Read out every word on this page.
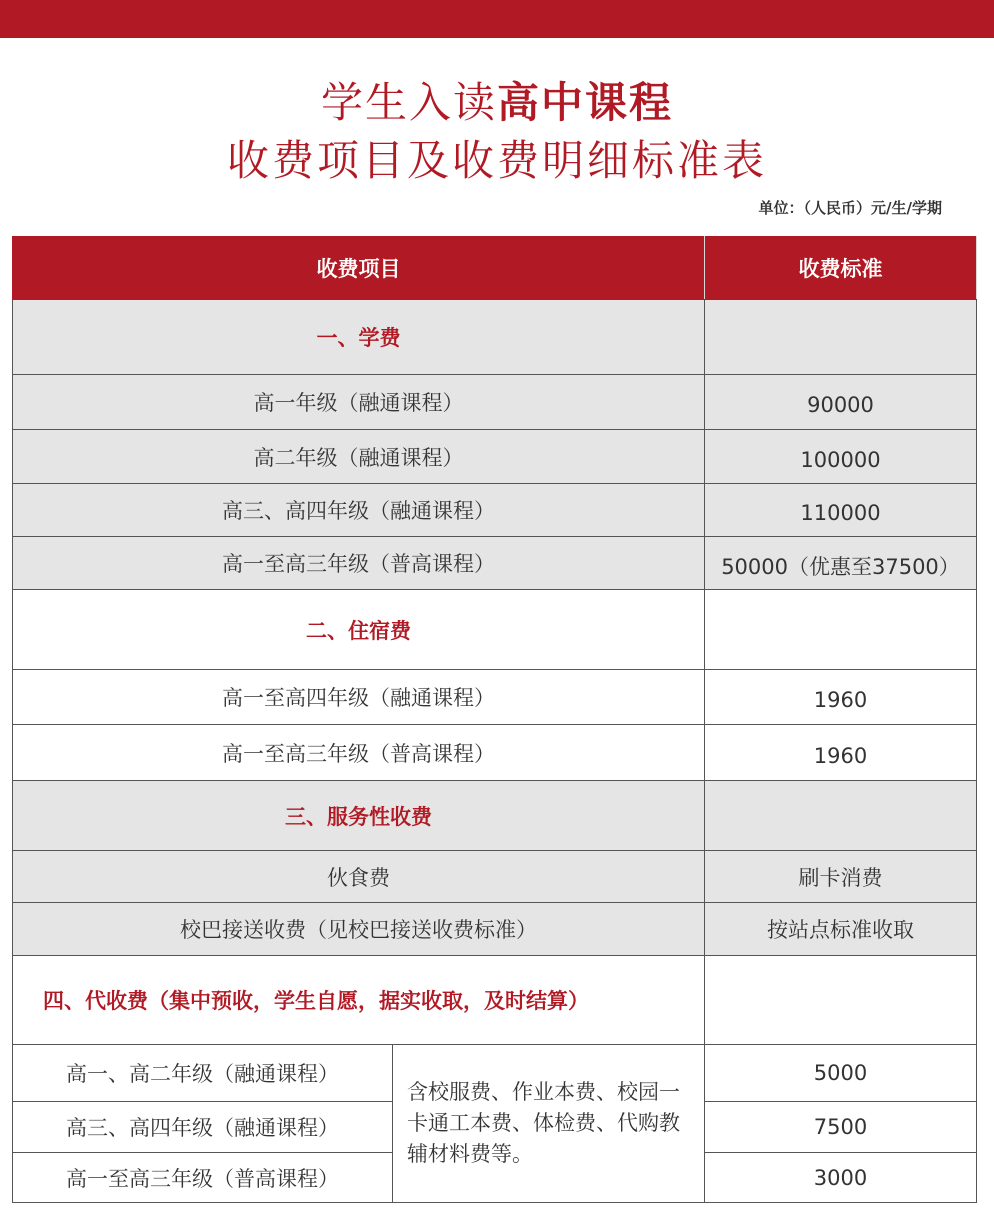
学生入读高中课程
收费项目及收费明细标准表
单位：（人民币）元/生/学期
收费项目		收费标准
一、学费		
高一年级（融通课程）		90000
高二年级（融通课程）		100000
高三、高四年级（融通课程）		110000
高一至高三年级（普高课程）		50000（优惠至37500）
二、住宿费		
高一至高四年级（融通课程）		1960
高一至高三年级（普高课程）		1960
三、服务性收费		
伙食费		刷卡消费
校巴接送收费（见校巴接送收费标准）		按站点标准收取
四、代收费（集中预收，学生自愿，据实收取，及时结算）		
高一、高二年级（融通课程）	含校服费、作业本费、校园一卡通工本费、体检费、代购教辅材料费等。	5000
高三、高四年级（融通课程）		7500
高一至高三年级（普高课程）		3000
